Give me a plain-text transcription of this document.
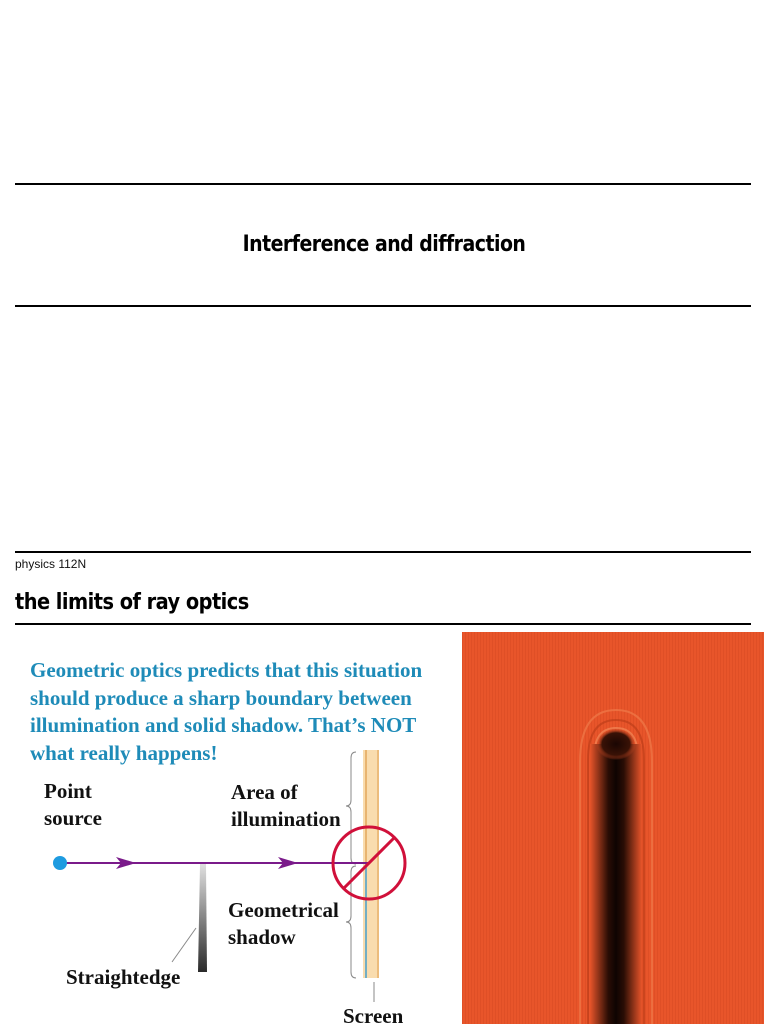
Interference and diffraction
physics 112N
the limits of ray optics
Geometric optics predicts that this situation should produce a sharp boundary between illumination and solid shadow. That’s NOT what really happens!
Point
source
Area of
illumination
Geometrical
shadow
Straightedge
Screen
